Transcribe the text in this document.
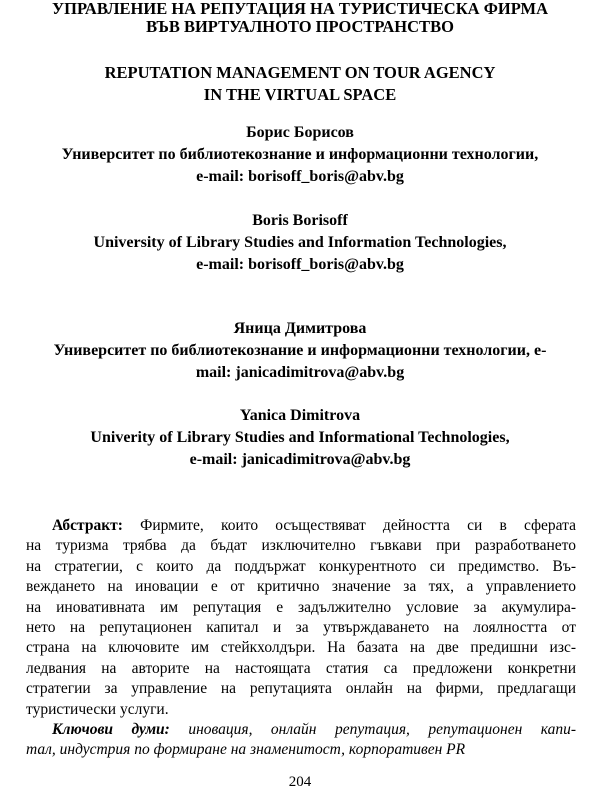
УПРАВЛЕНИЕ НА РЕПУТАЦИЯ НА ТУРИСТИЧЕСКА ФИРМА
ВЪВ ВИРТУАЛНОТО ПРОСТРАНСТВО
REPUTATION MANAGEMENT ON TOUR AGENCY
IN THE VIRTUAL SPACE
Борис Борисов
Университет по библиотекознание и информационни технологии,
e-mail: borisoff_boris@abv.bg
Boris Borisoff
University of Library Studies and Information Technologies,
e-mail: borisoff_boris@abv.bg
Яница Димитрова
Университет по библиотекознание и информационни технологии, e-
mail: janicadimitrova@abv.bg
Yanica Dimitrova
Univerity of Library Studies and Informational Technologies,
e-mail: janicadimitrova@abv.bg
Абстракт: Фирмите, които осъществяват дейността си в сферата
на туризма трябва да бъдат изключително гъвкави при разработването
на стратегии, с които да поддържат конкурентното си предимство. Въ-
веждането на иновации е от критично значение за тях, а управлението
на иновативната им репутация е задължително условие за акумулира-
нето на репутационен капитал и за утвърждаването на лоялността от
страна на ключовите им стейкхолдъри. На базата на две предишни изс-
ледвания на авторите на настоящата статия са предложени конкретни
стратегии за управление на репутацията онлайн на фирми, предлагащи
туристически услуги.
Ключови думи: иновация, онлайн репутация, репутационен капи-
тал, индустрия по формиране на знаменитост, корпоративен PR
204
